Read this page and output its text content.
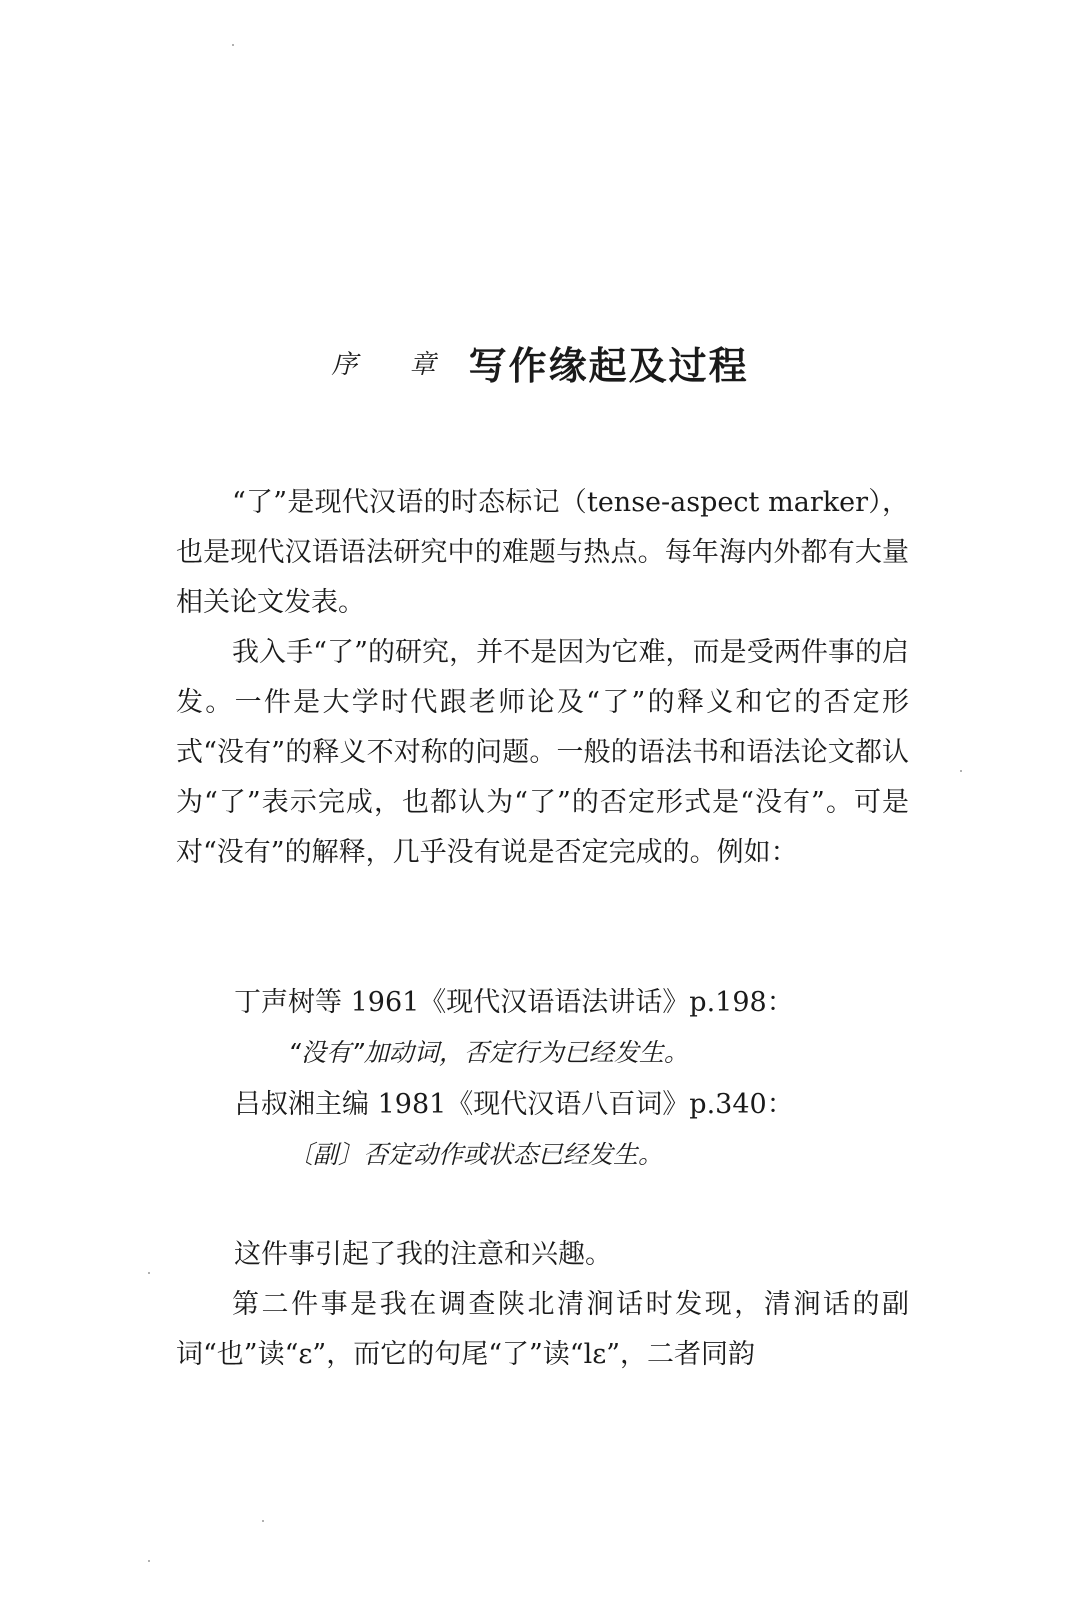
序 章 写作缘起及过程

“了”是现代汉语的时态标记（tense-aspect marker），也是现代汉语语法研究中的难题与热点。每年海内外都有大量相关论文发表。

我入手“了”的研究，并不是因为它难，而是受两件事的启发。一件是大学时代跟老师论及“了”的释义和它的否定形式“没有”的释义不对称的问题。一般的语法书和语法论文都认为“了”表示完成，也都认为“了”的否定形式是“没有”。可是对“没有”的解释，几乎没有说是否定完成的。例如：

丁声树等 1961《现代汉语语法讲话》p.198：
“没有”加动词，否定行为已经发生。
吕叔湘主编 1981《现代汉语八百词》p.340：
〔副〕否定动作或状态已经发生。
这件事引起了我的注意和兴趣。

第二件事是我在调查陕北清涧话时发现，清涧话的副词“也”读“ε”，而它的句尾“了”读“lε”，二者同韵
